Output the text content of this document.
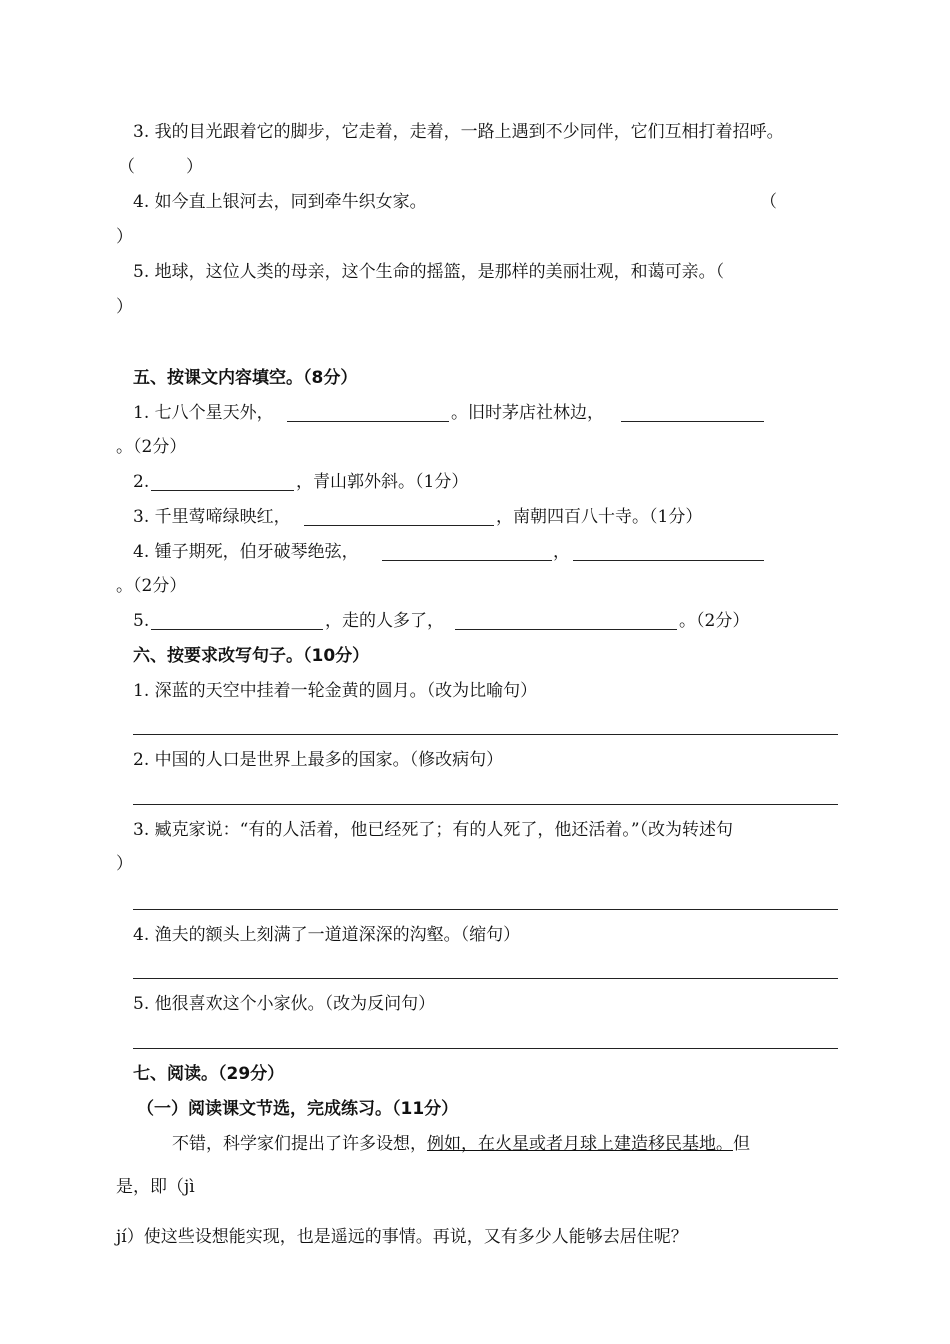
3. 我的目光跟着它的脚步，它走着，走着，一路上遇到不少同伴，它们互相打着招呼。
（　　　）
4. 如今直上银河去，同到牵牛织女家。	（
）
5. 地球，这位人类的母亲，这个生命的摇篮，是那样的美丽壮观，和蔼可亲。（
）
五、按课文内容填空。（8分）
1. 七八个星天外，	。旧时茅店社林边，
。（2分）
2.	，青山郭外斜。（1分）
3. 千里莺啼绿映红，	，南朝四百八十寺。（1分）
4. 锺子期死，伯牙破琴绝弦，	，
。（2分）
5.	，走的人多了，	。（2分）
六、按要求改写句子。（10分）
1. 深蓝的天空中挂着一轮金黄的圆月。（改为比喻句）
2. 中国的人口是世界上最多的国家。（修改病句）
3. 臧克家说：“有的人活着，他已经死了；有的人死了，他还活着。”（改为转述句
）
4. 渔夫的额头上刻满了一道道深深的沟壑。（缩句）
5. 他很喜欢这个小家伙。（改为反问句）
七、阅读。（29分）
（一）阅读课文节选，完成练习。（11分）
不错，科学家们提出了许多设想，例如，在火星或者月球上建造移民基地。但
是，即（jì
jí）使这些设想能实现，也是遥远的事情。再说，又有多少人能够去居住呢？
